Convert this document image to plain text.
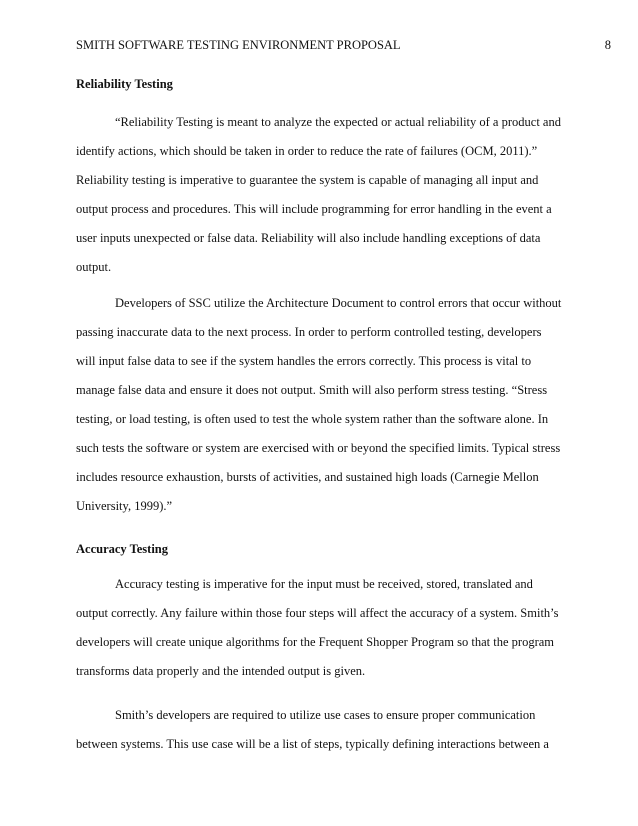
SMITH SOFTWARE TESTING ENVIRONMENT PROPOSAL	8
Reliability Testing
“Reliability Testing is meant to analyze the expected or actual reliability of a product and
identify actions, which should be taken in order to reduce the rate of failures (OCM, 2011).”
Reliability testing is imperative to guarantee the system is capable of managing all input and
output process and procedures. This will include programming for error handling in the event a
user inputs unexpected or false data. Reliability will also include handling exceptions of data
output.
Developers of SSC utilize the Architecture Document to control errors that occur without
passing inaccurate data to the next process. In order to perform controlled testing, developers
will input false data to see if the system handles the errors correctly. This process is vital to
manage false data and ensure it does not output. Smith will also perform stress testing. “Stress
testing, or load testing, is often used to test the whole system rather than the software alone. In
such tests the software or system are exercised with or beyond the specified limits. Typical stress
includes resource exhaustion, bursts of activities, and sustained high loads (Carnegie Mellon
University, 1999).”
Accuracy Testing
Accuracy testing is imperative for the input must be received, stored, translated and
output correctly. Any failure within those four steps will affect the accuracy of a system. Smith’s
developers will create unique algorithms for the Frequent Shopper Program so that the program
transforms data properly and the intended output is given.
Smith’s developers are required to utilize use cases to ensure proper communication
between systems. This use case will be a list of steps, typically defining interactions between a
